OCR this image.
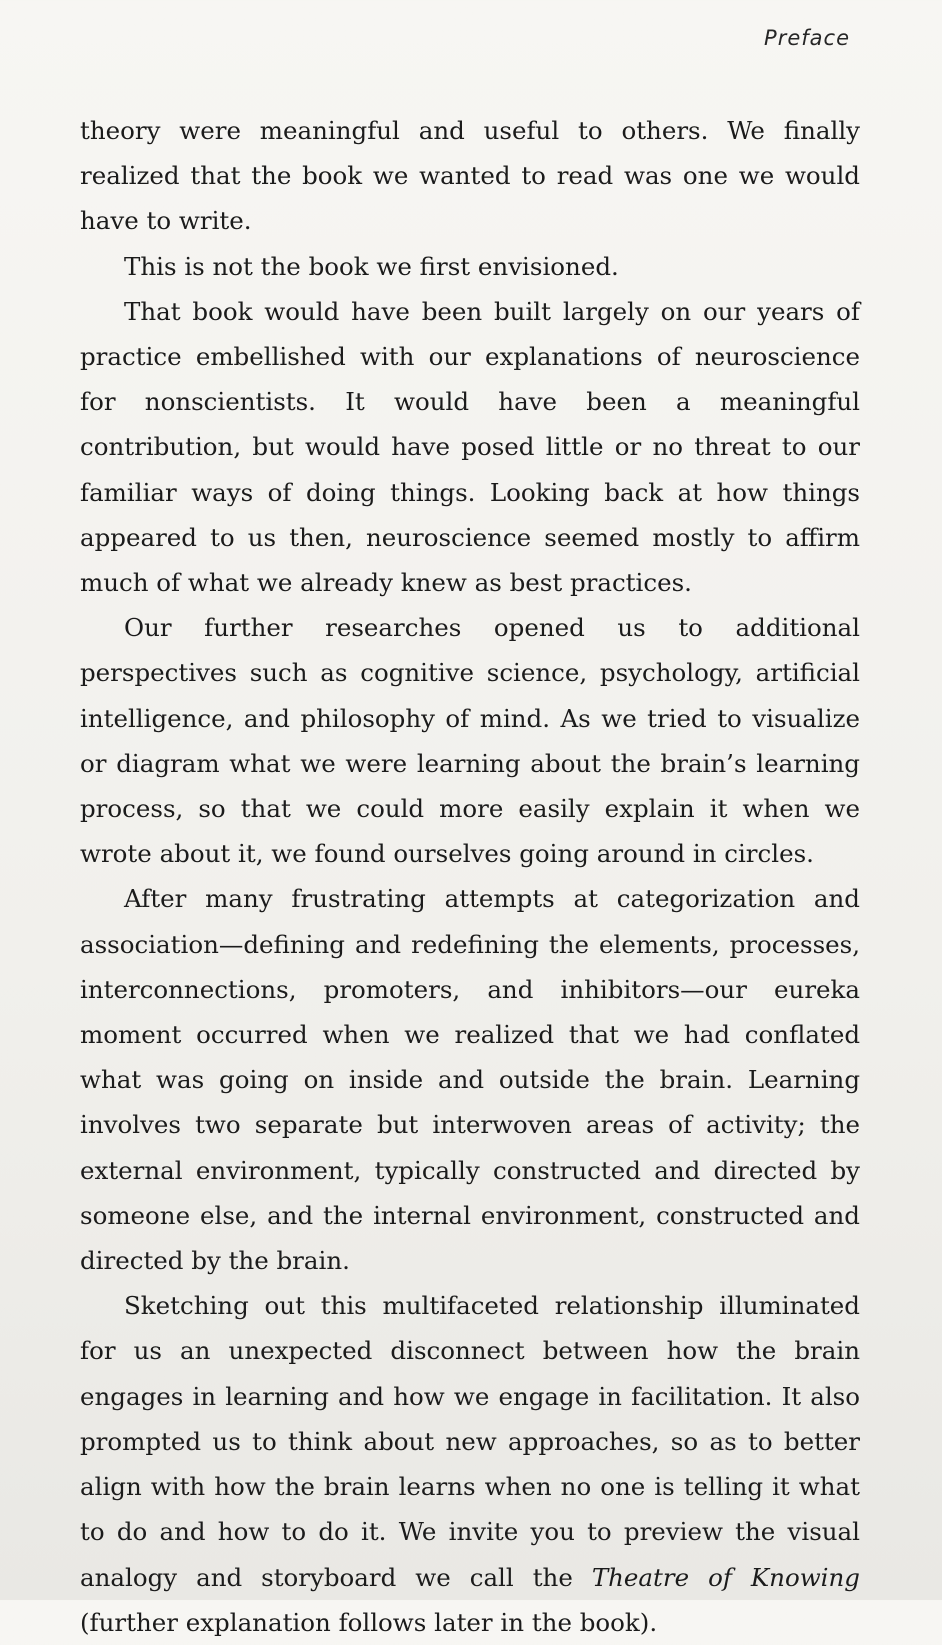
Preface

theory were meaningful and useful to others. We finally realized that the book we wanted to read was one we would have to write.

This is not the book we first envisioned.

That book would have been built largely on our years of practice embellished with our explanations of neuroscience for nonscientists. It would have been a meaningful contribution, but would have posed little or no threat to our familiar ways of doing things. Looking back at how things appeared to us then, neuroscience seemed mostly to affirm much of what we already knew as best practices.

Our further researches opened us to additional perspectives such as cognitive science, psychology, artificial intelligence, and philosophy of mind. As we tried to visualize or diagram what we were learning about the brain’s learning process, so that we could more easily explain it when we wrote about it, we found ourselves going around in circles.

After many frustrating attempts at categorization and association—defining and redefining the elements, processes, interconnections, promoters, and inhibitors—our eureka moment occurred when we realized that we had conflated what was going on inside and outside the brain. Learning involves two separate but interwoven areas of activity; the external environment, typically constructed and directed by someone else, and the internal environment, constructed and directed by the brain.

Sketching out this multifaceted relationship illuminated for us an unexpected disconnect between how the brain engages in learning and how we engage in facilitation. It also prompted us to think about new approaches, so as to better align with how the brain learns when no one is telling it what to do and how to do it. We invite you to preview the visual analogy and storyboard we call the Theatre of Knowing (further explanation follows later in the book).
